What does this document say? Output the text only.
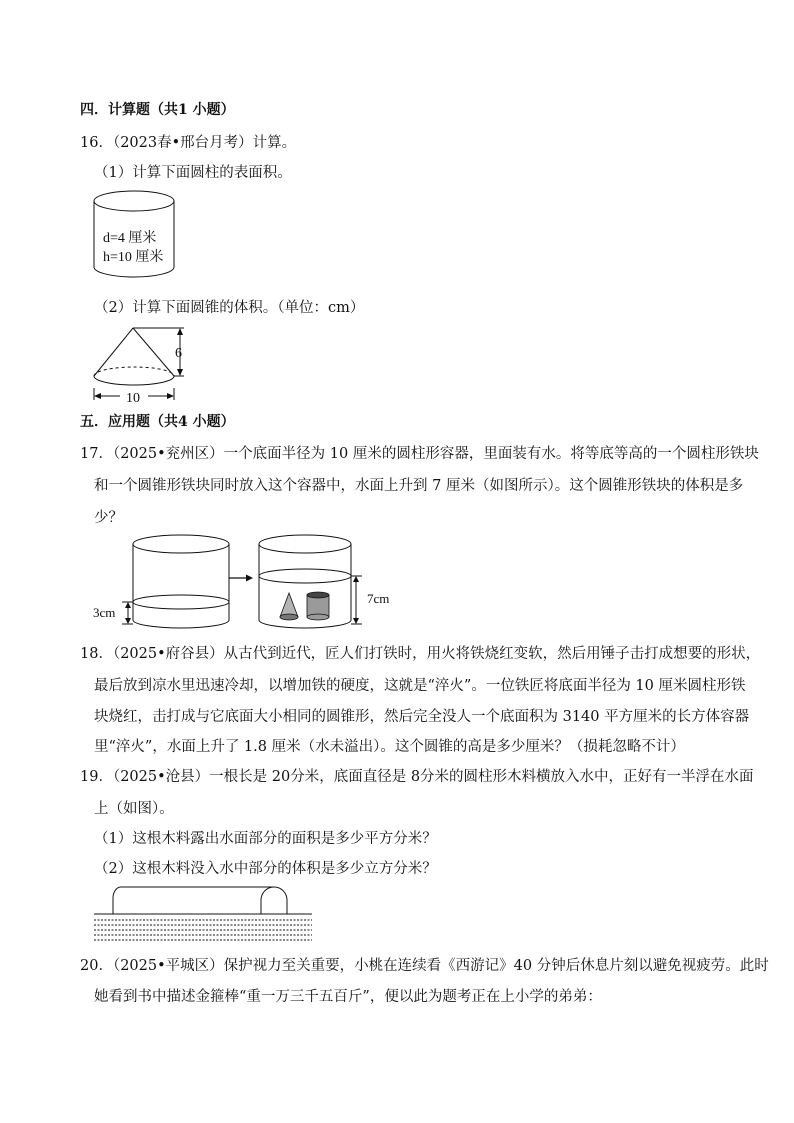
四．计算题（共1 小题）
16．（2023春•邢台月考）计算。
（1）计算下面圆柱的表面积。
d=4 厘米
h=10 厘米
（2）计算下面圆锥的体积。（单位：cm）
6
10
五．应用题（共4 小题）
17．（2025•兖州区）一个底面半径为 10 厘米的圆柱形容器，里面装有水。将等底等高的一个圆柱形铁块
和一个圆锥形铁块同时放入这个容器中，水面上升到 7 厘米（如图所示）。这个圆锥形铁块的体积是多
少？
3cm
7cm
18．（2025•府谷县）从古代到近代，匠人们打铁时，用火将铁烧红变软，然后用锤子击打成想要的形状，
最后放到凉水里迅速冷却，以增加铁的硬度，这就是“淬火”。一位铁匠将底面半径为 10 厘米圆柱形铁
块烧红，击打成与它底面大小相同的圆锥形，然后完全没人一个底面积为 3140 平方厘米的长方体容器
里“淬火”，水面上升了 1.8 厘米（水未溢出）。这个圆锥的高是多少厘米？（损耗忽略不计）
19．（2025•沧县）一根长是 20分米，底面直径是 8分米的圆柱形木料横放入水中，正好有一半浮在水面
上（如图）。
（1）这根木料露出水面部分的面积是多少平方分米？
（2）这根木料没入水中部分的体积是多少立方分米？
20．（2025•平城区）保护视力至关重要，小桃在连续看《西游记》40 分钟后休息片刻以避免视疲劳。此时
她看到书中描述金箍棒“重一万三千五百斤”，便以此为题考正在上小学的弟弟：
